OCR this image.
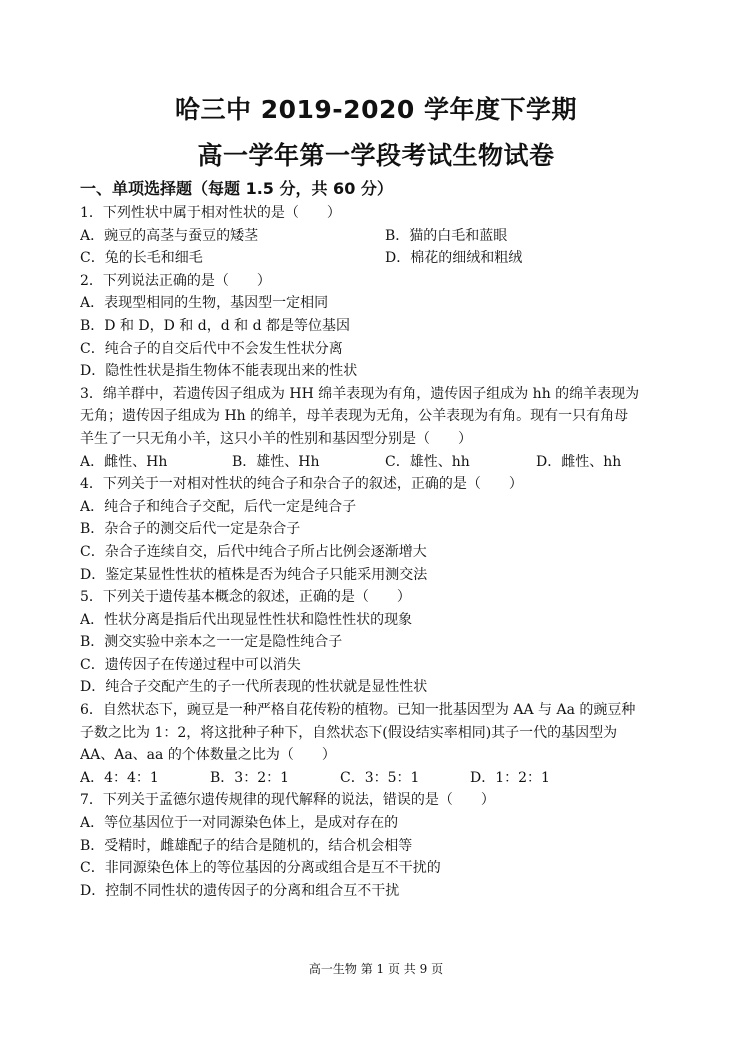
哈三中 2019-2020 学年度下学期
高一学年第一学段考试生物试卷
一、单项选择题（每题 1.5 分，共 60 分）
1．下列性状中属于相对性状的是（　　）
A．豌豆的高茎与蚕豆的矮茎	B．猫的白毛和蓝眼
C．兔的长毛和细毛	D．棉花的细绒和粗绒
2．下列说法正确的是（　　）
A．表现型相同的生物，基因型一定相同
B．D 和 D，D 和 d，d 和 d 都是等位基因
C．纯合子的自交后代中不会发生性状分离
D．隐性性状是指生物体不能表现出来的性状
3．绵羊群中，若遗传因子组成为 HH 绵羊表现为有角，遗传因子组成为 hh 的绵羊表现为
无角；遗传因子组成为 Hh 的绵羊，母羊表现为无角，公羊表现为有角。现有一只有角母
羊生了一只无角小羊，这只小羊的性别和基因型分别是（　　）
A．雌性、Hh	B．雄性、Hh	C．雄性、hh	D．雌性、hh
4．下列关于一对相对性状的纯合子和杂合子的叙述，正确的是（　　）
A．纯合子和纯合子交配，后代一定是纯合子
B．杂合子的测交后代一定是杂合子
C．杂合子连续自交，后代中纯合子所占比例会逐渐增大
D．鉴定某显性性状的植株是否为纯合子只能采用测交法
5．下列关于遗传基本概念的叙述，正确的是（　　）
A．性状分离是指后代出现显性性状和隐性性状的现象
B．测交实验中亲本之一一定是隐性纯合子
C．遗传因子在传递过程中可以消失
D．纯合子交配产生的子一代所表现的性状就是显性性状
6．自然状态下，豌豆是一种严格自花传粉的植物。已知一批基因型为 AA 与 Aa 的豌豆种
子数之比为 1：2，将这批种子种下，自然状态下(假设结实率相同)其子一代的基因型为
AA、Aa、aa 的个体数量之比为（　　）
A．4：4：1	B．3：2：1	C．3：5：1	D．1：2：1
7．下列关于孟德尔遗传规律的现代解释的说法，错误的是（　　）
A．等位基因位于一对同源染色体上，是成对存在的
B．受精时，雌雄配子的结合是随机的，结合机会相等
C．非同源染色体上的等位基因的分离或组合是互不干扰的
D．控制不同性状的遗传因子的分离和组合互不干扰
高一生物 第 1 页 共 9 页
